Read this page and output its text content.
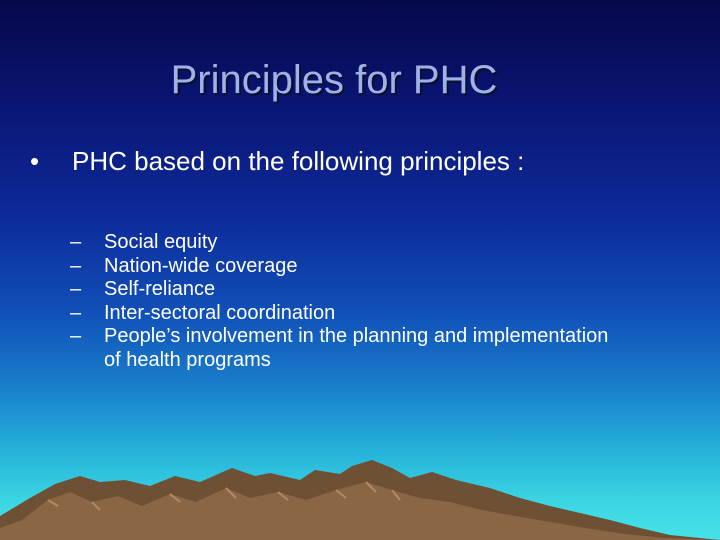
Principles for PHC
• PHC based on the following principles :
– Social equity
– Nation-wide coverage
– Self-reliance
– Inter-sectoral coordination
– People’s involvement in the planning and implementation of health programs
